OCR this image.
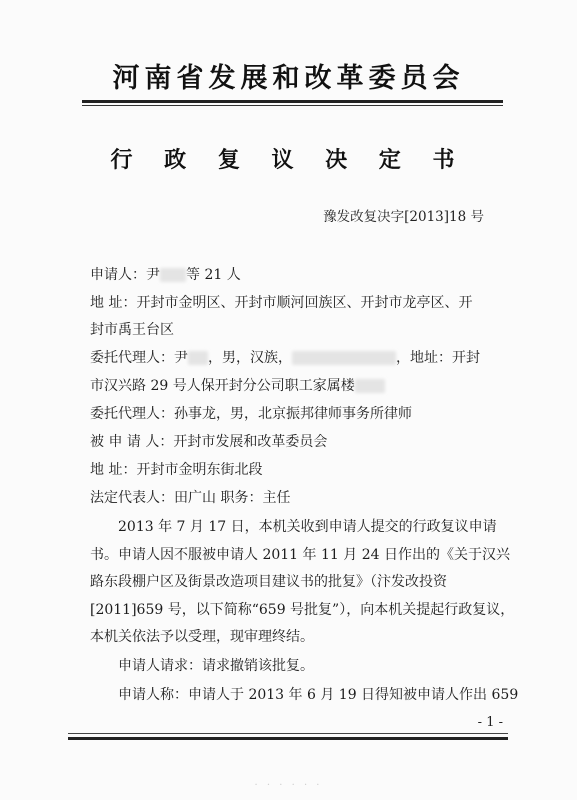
河南省发展和改革委员会
行 政 复 议 决 定 书
豫发改复决字[2013]18 号
申请人：尹 等 21 人
地 址：开封市金明区、开封市顺河回族区、开封市龙亭区、开
封市禹王台区
委托代理人：尹 ，男，汉族，	，地址：开封
市汉兴路 29 号人保开封分公司职工家属楼
委托代理人：孙事龙，男，北京振邦律师事务所律师
被 申 请 人：开封市发展和改革委员会
地 址：开封市金明东街北段
法定代表人：田广山 职务：主任
2013 年 7 月 17 日，本机关收到申请人提交的行政复议申请
书。申请人因不服被申请人 2011 年 11 月 24 日作出的《关于汉兴
路东段棚户区及街景改造项目建议书的批复》（汴发改投资
[2011]659 号，以下简称“659 号批复”），向本机关提起行政复议，
本机关依法予以受理，现审理终结。
申请人请求：请求撤销该批复。
申请人称：申请人于 2013 年 6 月 19 日得知被申请人作出 659
- 1 -
· · · · · ·
